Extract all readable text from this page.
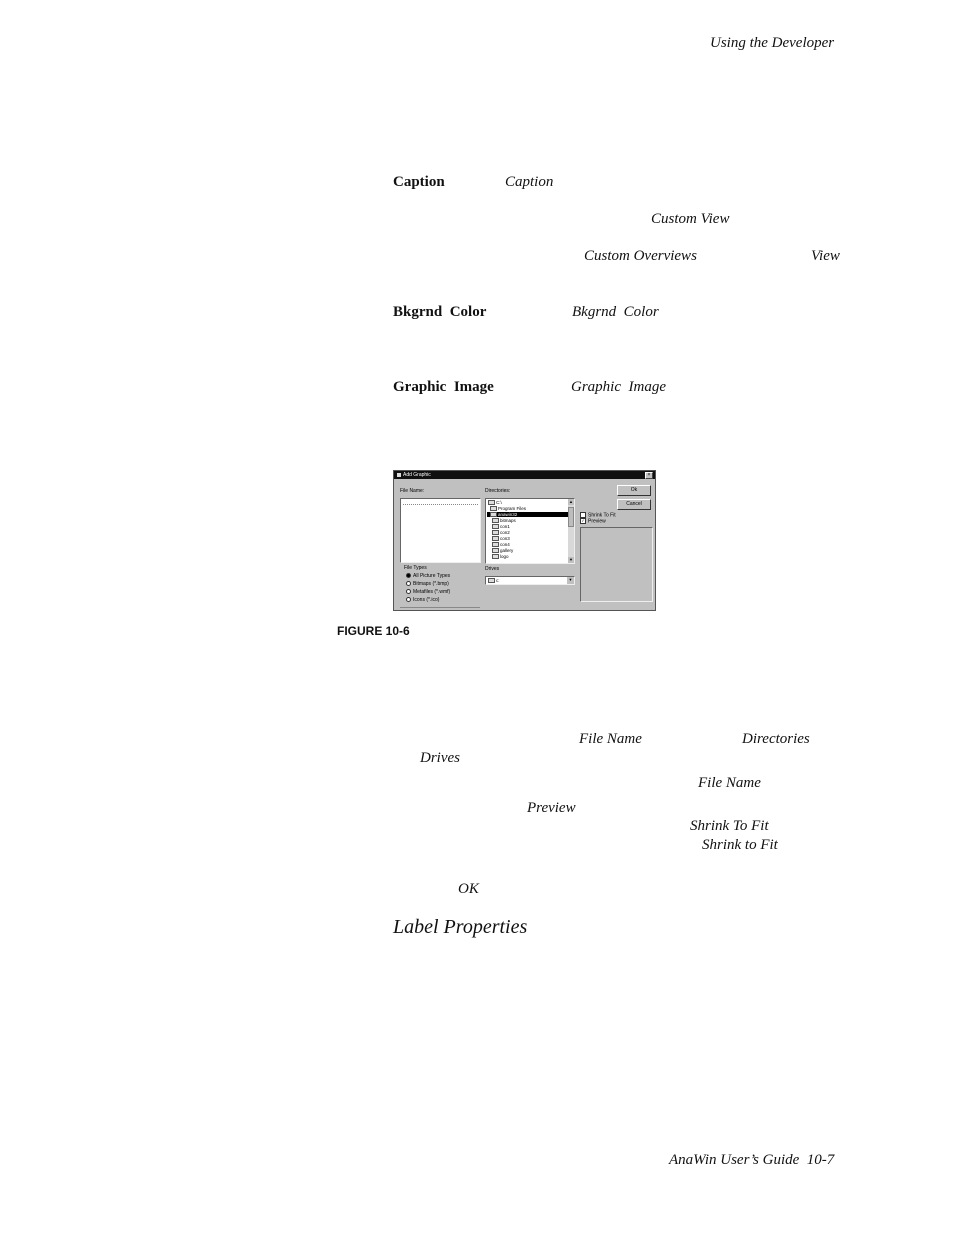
Using the Developer
Caption	Caption
Custom View
Custom Overviews	View
Bkgrnd  Color	Bkgrnd  Color
Graphic  Image	Graphic  Image
Add Graphic	×
File Name:	Directories:
C:\
Program Files
anawin32
bitmaps
con1
con2
con3
con4
gallery
logo
▲
▼
Ok
Cancel
Shrink To Fit
✓ Preview
File Types
All Picture Types
Bitmaps (*.bmp)
Metafiles (*.wmf)
Icons (*.ico)
Drives
c:	▼
FIGURE 10-6
File Name	Directories
Drives
File Name
Preview
Shrink To Fit
Shrink to Fit
OK
Label Properties
AnaWin User’s Guide  10-7
